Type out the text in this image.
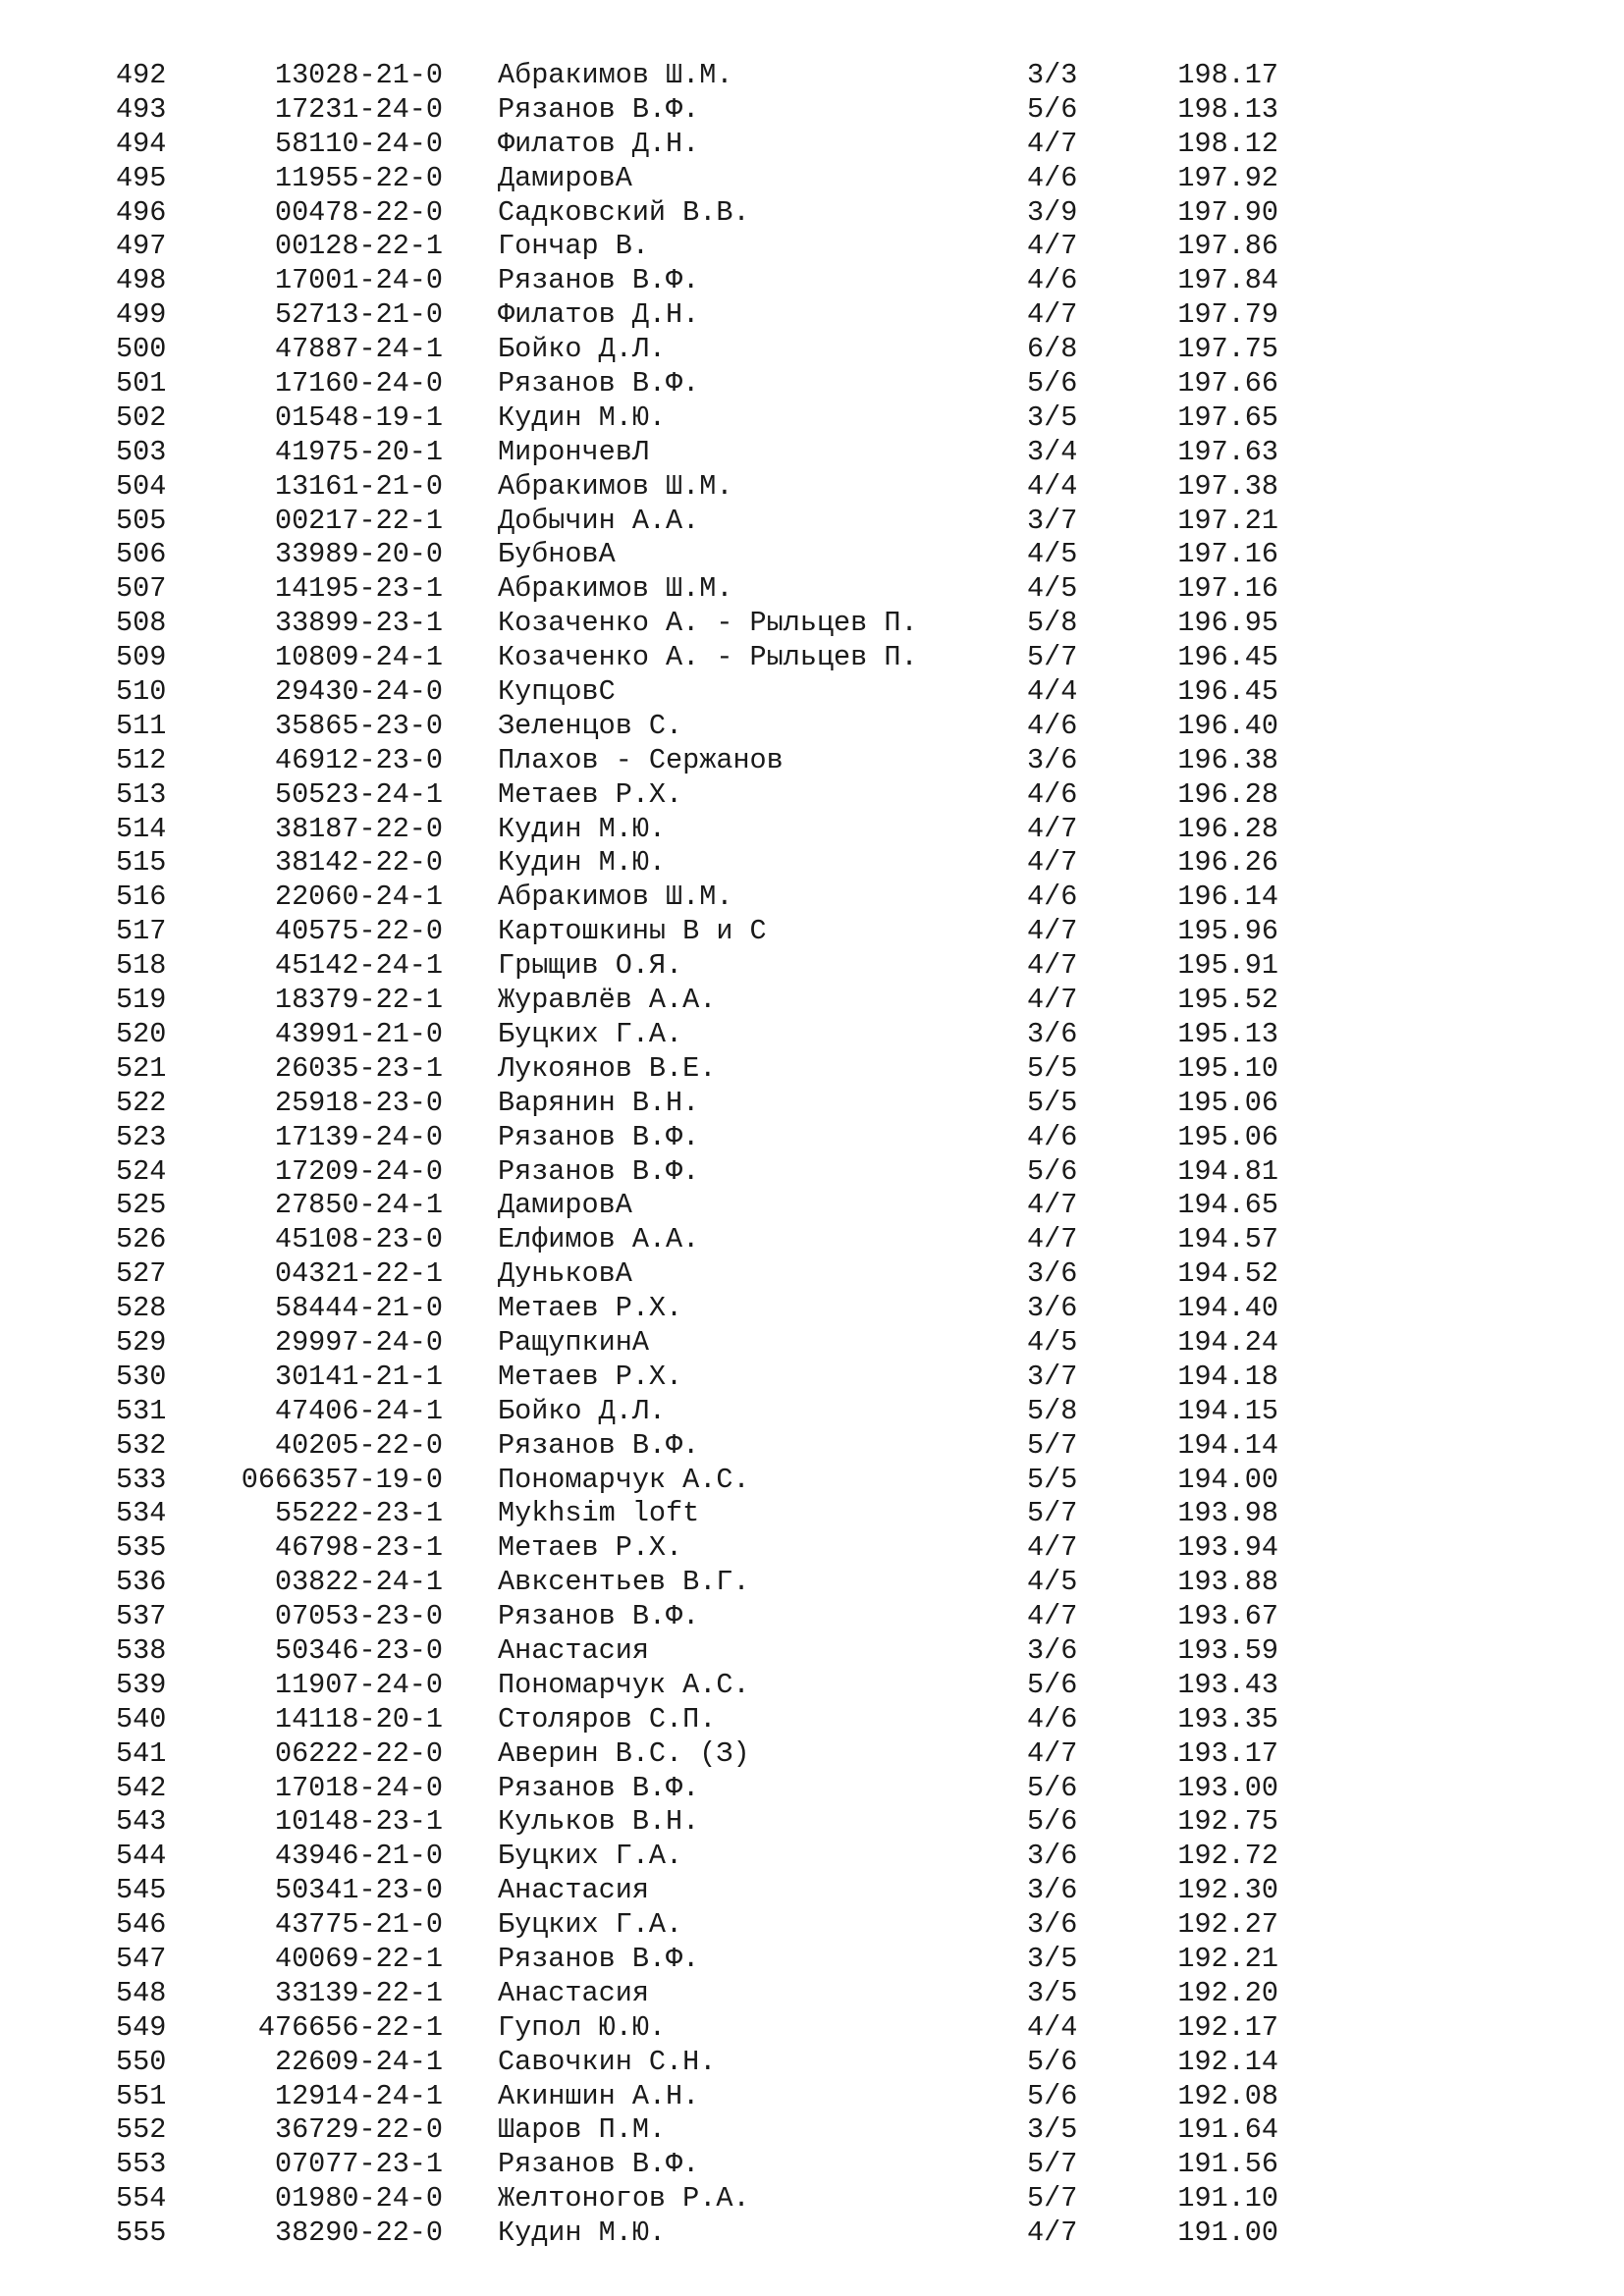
492	13028-21-0 Абракимов Ш.М.	3/3	198.17
493	17231-24-0 Рязанов В.Ф.	5/6	198.13
494	58110-24-0 Филатов Д.Н.	4/7	198.12
495	11955-22-0 ДамировА	4/6	197.92
496	00478-22-0 Садковский В.В.	3/9	197.90
497	00128-22-1 Гончар В.	4/7	197.86
498	17001-24-0 Рязанов В.Ф.	4/6	197.84
499	52713-21-0 Филатов Д.Н.	4/7	197.79
500	47887-24-1 Бойко Д.Л.	6/8	197.75
501	17160-24-0 Рязанов В.Ф.	5/6	197.66
502	01548-19-1 Кудин М.Ю.	3/5	197.65
503	41975-20-1 МирончевЛ	3/4	197.63
504	13161-21-0 Абракимов Ш.М.	4/4	197.38
505	00217-22-1 Добычин А.А.	3/7	197.21
506	33989-20-0 БубновА	4/5	197.16
507	14195-23-1 Абракимов Ш.М.	4/5	197.16
508	33899-23-1 Козаченко А. - Рыльцев П.	5/8	196.95
509	10809-24-1 Козаченко А. - Рыльцев П.	5/7	196.45
510	29430-24-0 КупцовС	4/4	196.45
511	35865-23-0 Зеленцов С.	4/6	196.40
512	46912-23-0 Плахов - Сержанов	3/6	196.38
513	50523-24-1 Метаев Р.Х.	4/6	196.28
514	38187-22-0 Кудин М.Ю.	4/7	196.28
515	38142-22-0 Кудин М.Ю.	4/7	196.26
516	22060-24-1 Абракимов Ш.М.	4/6	196.14
517	40575-22-0 Картошкины В и С	4/7	195.96
518	45142-24-1 Грыщив О.Я.	4/7	195.91
519	18379-22-1 Журавлёв А.А.	4/7	195.52
520	43991-21-0 Буцких Г.А.	3/6	195.13
521	26035-23-1 Лукоянов В.Е.	5/5	195.10
522	25918-23-0 Варянин В.Н.	5/5	195.06
523	17139-24-0 Рязанов В.Ф.	4/6	195.06
524	17209-24-0 Рязанов В.Ф.	5/6	194.81
525	27850-24-1 ДамировА	4/7	194.65
526	45108-23-0 Елфимов А.А.	4/7	194.57
527	04321-22-1 ДуньковА	3/6	194.52
528	58444-21-0 Метаев Р.Х.	3/6	194.40
529	29997-24-0 РащупкинА	4/5	194.24
530	30141-21-1 Метаев Р.Х.	3/7	194.18
531	47406-24-1 Бойко Д.Л.	5/8	194.15
532	40205-22-0 Рязанов В.Ф.	5/7	194.14
533	0666357-19-0 Пономарчук А.С.	5/5	194.00
534	55222-23-1 Mykhsim loft	5/7	193.98
535	46798-23-1 Метаев Р.Х.	4/7	193.94
536	03822-24-1 Авксентьев В.Г.	4/5	193.88
537	07053-23-0 Рязанов В.Ф.	4/7	193.67
538	50346-23-0 Анастасия	3/6	193.59
539	11907-24-0 Пономарчук А.С.	5/6	193.43
540	14118-20-1 Столяров С.П.	4/6	193.35
541	06222-22-0 Аверин В.С. (З)	4/7	193.17
542	17018-24-0 Рязанов В.Ф.	5/6	193.00
543	10148-23-1 Кульков В.Н.	5/6	192.75
544	43946-21-0 Буцких Г.А.	3/6	192.72
545	50341-23-0 Анастасия	3/6	192.30
546	43775-21-0 Буцких Г.А.	3/6	192.27
547	40069-22-1 Рязанов В.Ф.	3/5	192.21
548	33139-22-1 Анастасия	3/5	192.20
549	476656-22-1 Гупол Ю.Ю.	4/4	192.17
550	22609-24-1 Савочкин С.Н.	5/6	192.14
551	12914-24-1 Акиншин А.Н.	5/6	192.08
552	36729-22-0 Шаров П.М.	3/5	191.64
553	07077-23-1 Рязанов В.Ф.	5/7	191.56
554	01980-24-0 Желтоногов Р.А.	5/7	191.10
555	38290-22-0 Кудин М.Ю.	4/7	191.00
